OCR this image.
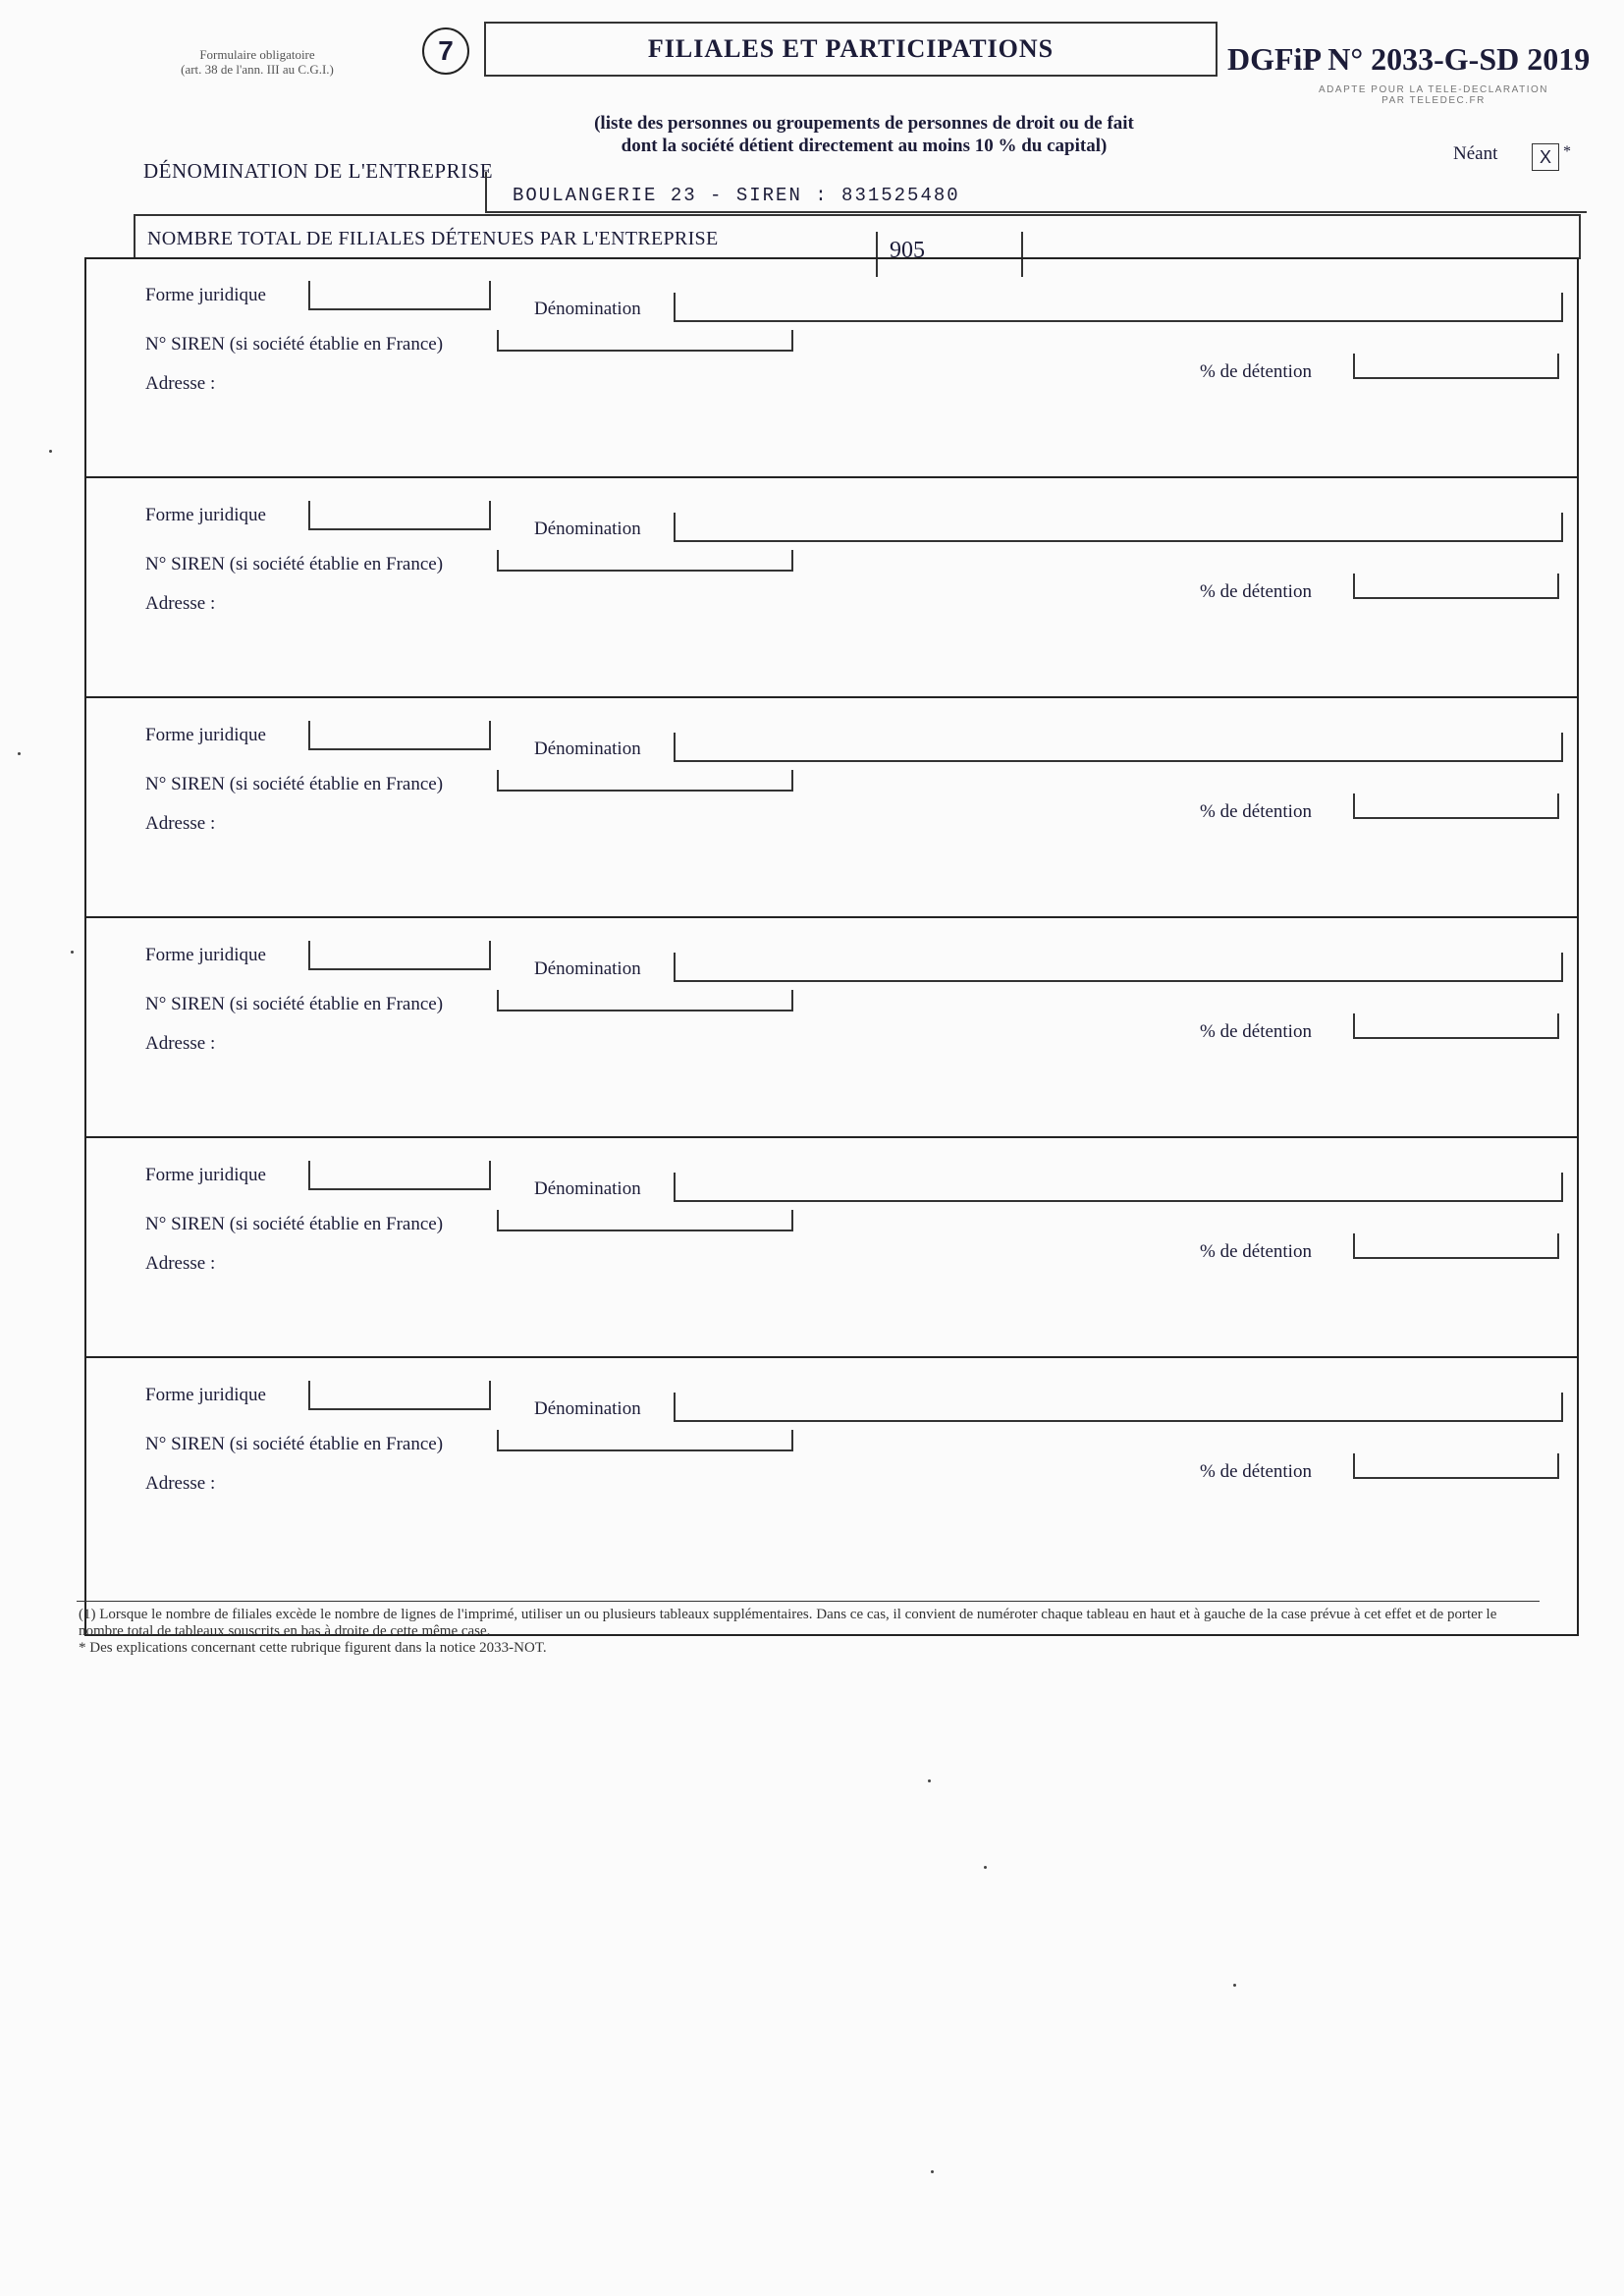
Formulaire obligatoire
(art. 38 de l'ann. III au C.G.I.)
7	FILIALES ET PARTICIPATIONS	DGFiP N° 2033-G-SD 2019
ADAPTE POUR LA TELE-DECLARATION
PAR TELEDEC.FR
(liste des personnes ou groupements de personnes de droit ou de fait
dont la société détient directement au moins 10 % du capital)	Néant	X *
DÉNOMINATION DE L'ENTREPRISE
BOULANGERIE 23 - SIREN : 831525480
NOMBRE TOTAL DE FILIALES DÉTENUES PAR L'ENTREPRISE	905
Forme juridique
Dénomination
N° SIREN (si société établie en France)
Adresse :
% de détention
Forme juridique
Dénomination
N° SIREN (si société établie en France)
Adresse :
% de détention
Forme juridique
Dénomination
N° SIREN (si société établie en France)
Adresse :
% de détention
Forme juridique
Dénomination
N° SIREN (si société établie en France)
Adresse :
% de détention
Forme juridique
Dénomination
N° SIREN (si société établie en France)
Adresse :
% de détention
Forme juridique
Dénomination
N° SIREN (si société établie en France)
Adresse :
% de détention
(1) Lorsque le nombre de filiales excède le nombre de lignes de l'imprimé, utiliser un ou plusieurs tableaux supplémentaires. Dans ce cas, il convient de numéroter chaque tableau en haut et à gauche de la case prévue à cet effet et de porter le nombre total de tableaux souscrits en bas à droite de cette même case.
* Des explications concernant cette rubrique figurent dans la notice 2033-NOT.
